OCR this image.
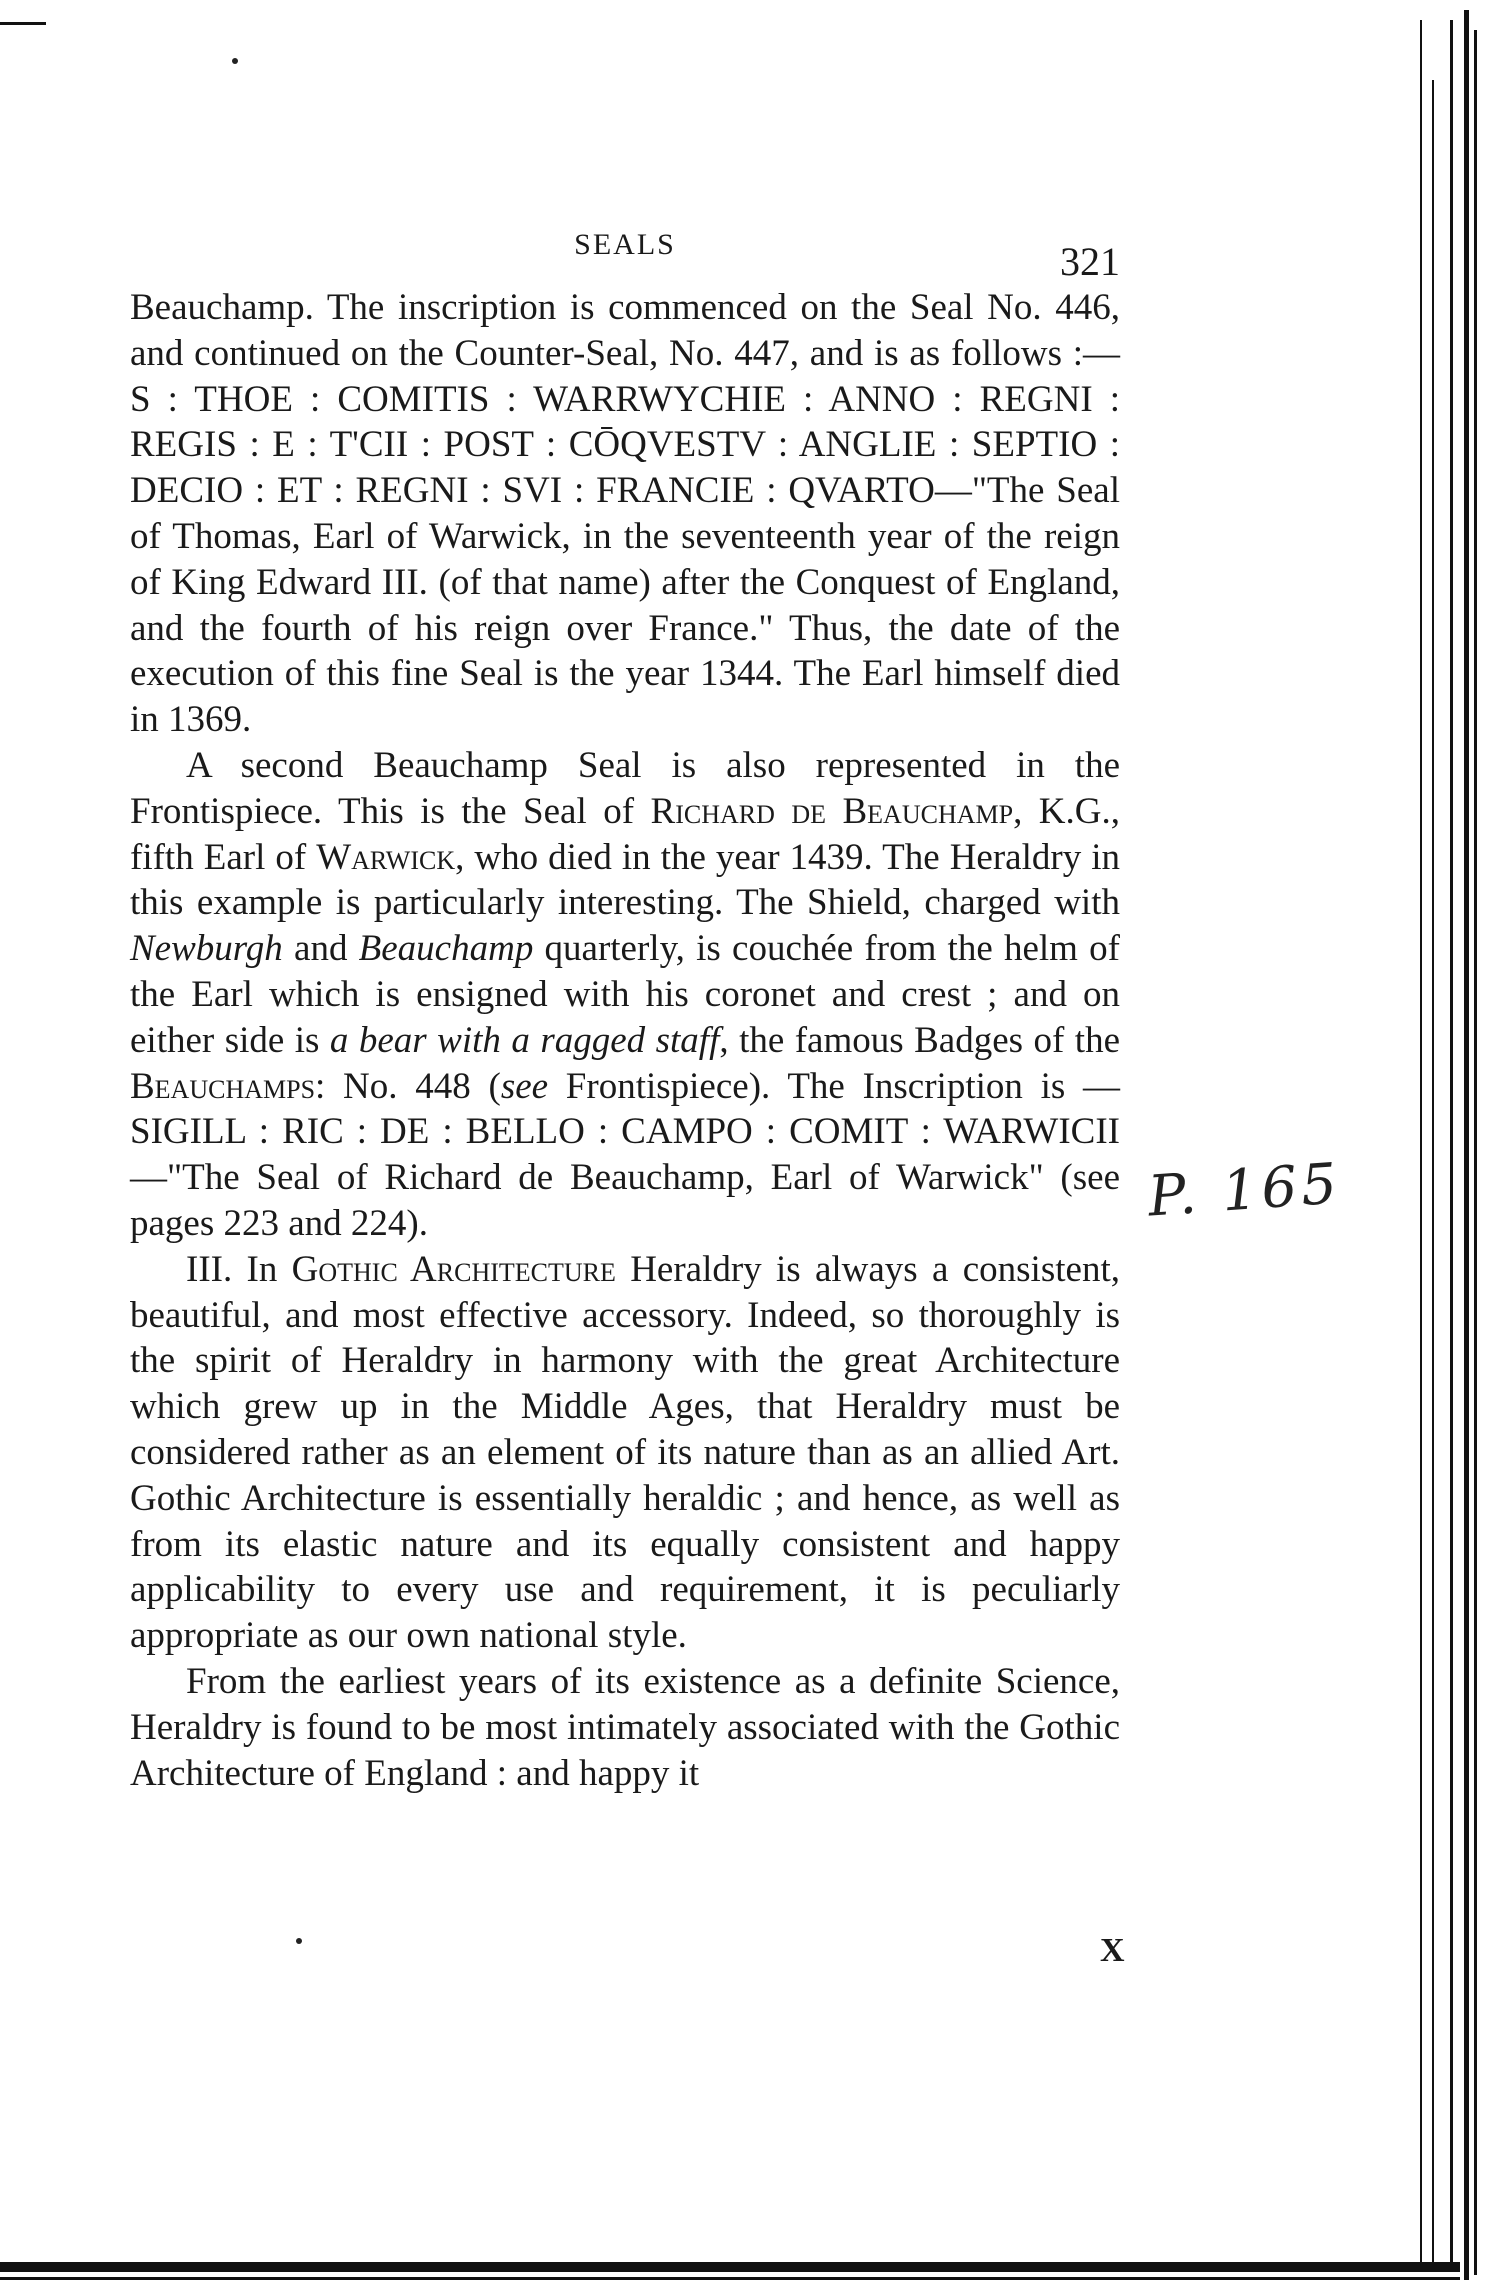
SEALS	321

Beauchamp. The inscription is commenced on the Seal No. 446, and continued on the Counter-Seal, No. 447, and is as follows :—S : THOE : COMITIS : WARRWYCHIE : ANNO : REGNI : REGIS : E : T'CII : POST : CŌQVESTV : ANGLIE : SEPTIO : DECIO : ET : REGNI : SVI : FRANCIE : QVARTO—"The Seal of Thomas, Earl of Warwick, in the seventeenth year of the reign of King Edward III. (of that name) after the Conquest of England, and the fourth of his reign over France." Thus, the date of the execution of this fine Seal is the year 1344. The Earl himself died in 1369.

A second Beauchamp Seal is also represented in the Frontispiece. This is the Seal of Richard de Beauchamp, K.G., fifth Earl of Warwick, who died in the year 1439. The Heraldry in this example is particularly interesting. The Shield, charged with Newburgh and Beauchamp quarterly, is couchée from the helm of the Earl which is ensigned with his coronet and crest ; and on either side is a bear with a ragged staff, the famous Badges of the Beauchamps: No. 448 (see Frontispiece). The Inscription is —SIGILL : RIC : DE : BELLO : CAMPO : COMIT : WARWICII—"The Seal of Richard de Beauchamp, Earl of Warwick" (see pages 223 and 224).

III. In Gothic Architecture Heraldry is always a consistent, beautiful, and most effective accessory. Indeed, so thoroughly is the spirit of Heraldry in harmony with the great Architecture which grew up in the Middle Ages, that Heraldry must be considered rather as an element of its nature than as an allied Art. Gothic Architecture is essentially heraldic ; and hence, as well as from its elastic nature and its equally consistent and happy applicability to every use and requirement, it is peculiarly appropriate as our own national style.

From the earliest years of its existence as a definite Science, Heraldry is found to be most intimately associated with the Gothic Architecture of England : and happy it

X
P. 165
